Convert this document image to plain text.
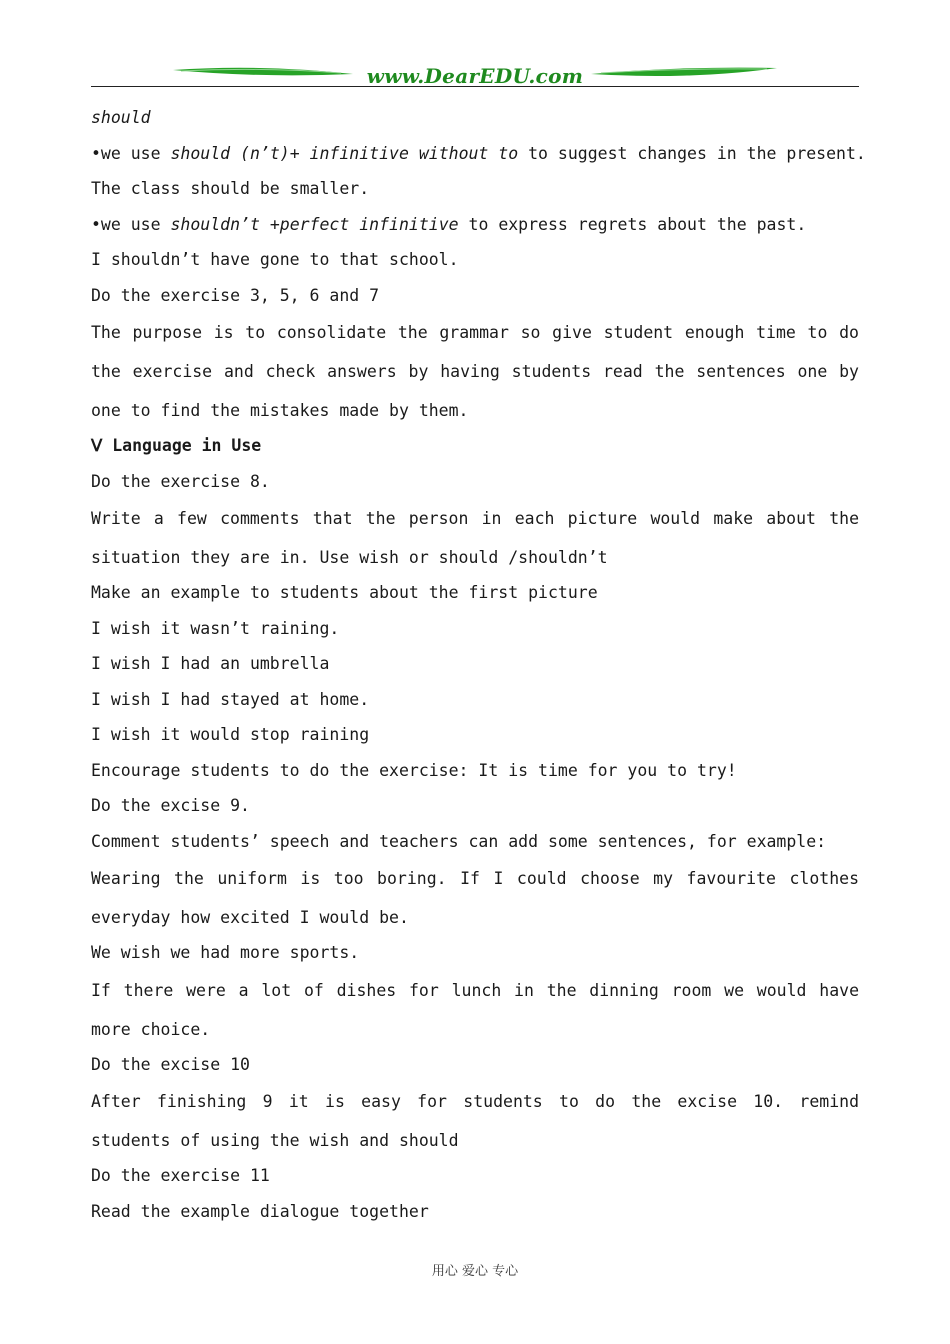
www.DearEDU.com
should
•we use should (n’t)+ infinitive without to to suggest changes in the present.
The class should be smaller.
•we use shouldn’t +perfect infinitive to express regrets about the past.
I shouldn’t have gone to that school.
Do the exercise 3, 5, 6 and 7
The purpose is to consolidate the grammar so give student enough time to do the exercise and check answers by having students read the sentences one by one to find the mistakes made by them.
Ⅴ Language in Use
Do the exercise 8.
Write a few comments that the person in each picture would make about the situation they are in. Use wish or should /shouldn’t
Make an example to students about the first picture
I wish it wasn’t raining.
I wish I had an umbrella
I wish I had stayed at home.
I wish it would stop raining
Encourage students to do the exercise: It is time for you to try!
Do the excise 9.
Comment students’ speech and teachers can add some sentences, for example:
Wearing the uniform is too boring. If I could choose my favourite clothes everyday how excited I would be.
We wish we had more sports.
If there were a lot of dishes for lunch in the dinning room we would have more choice.
Do the excise 10
After finishing 9 it is easy for students to do the excise 10. remind students of using the wish and should
Do the exercise 11
Read the example dialogue together
用心 爱心 专心
